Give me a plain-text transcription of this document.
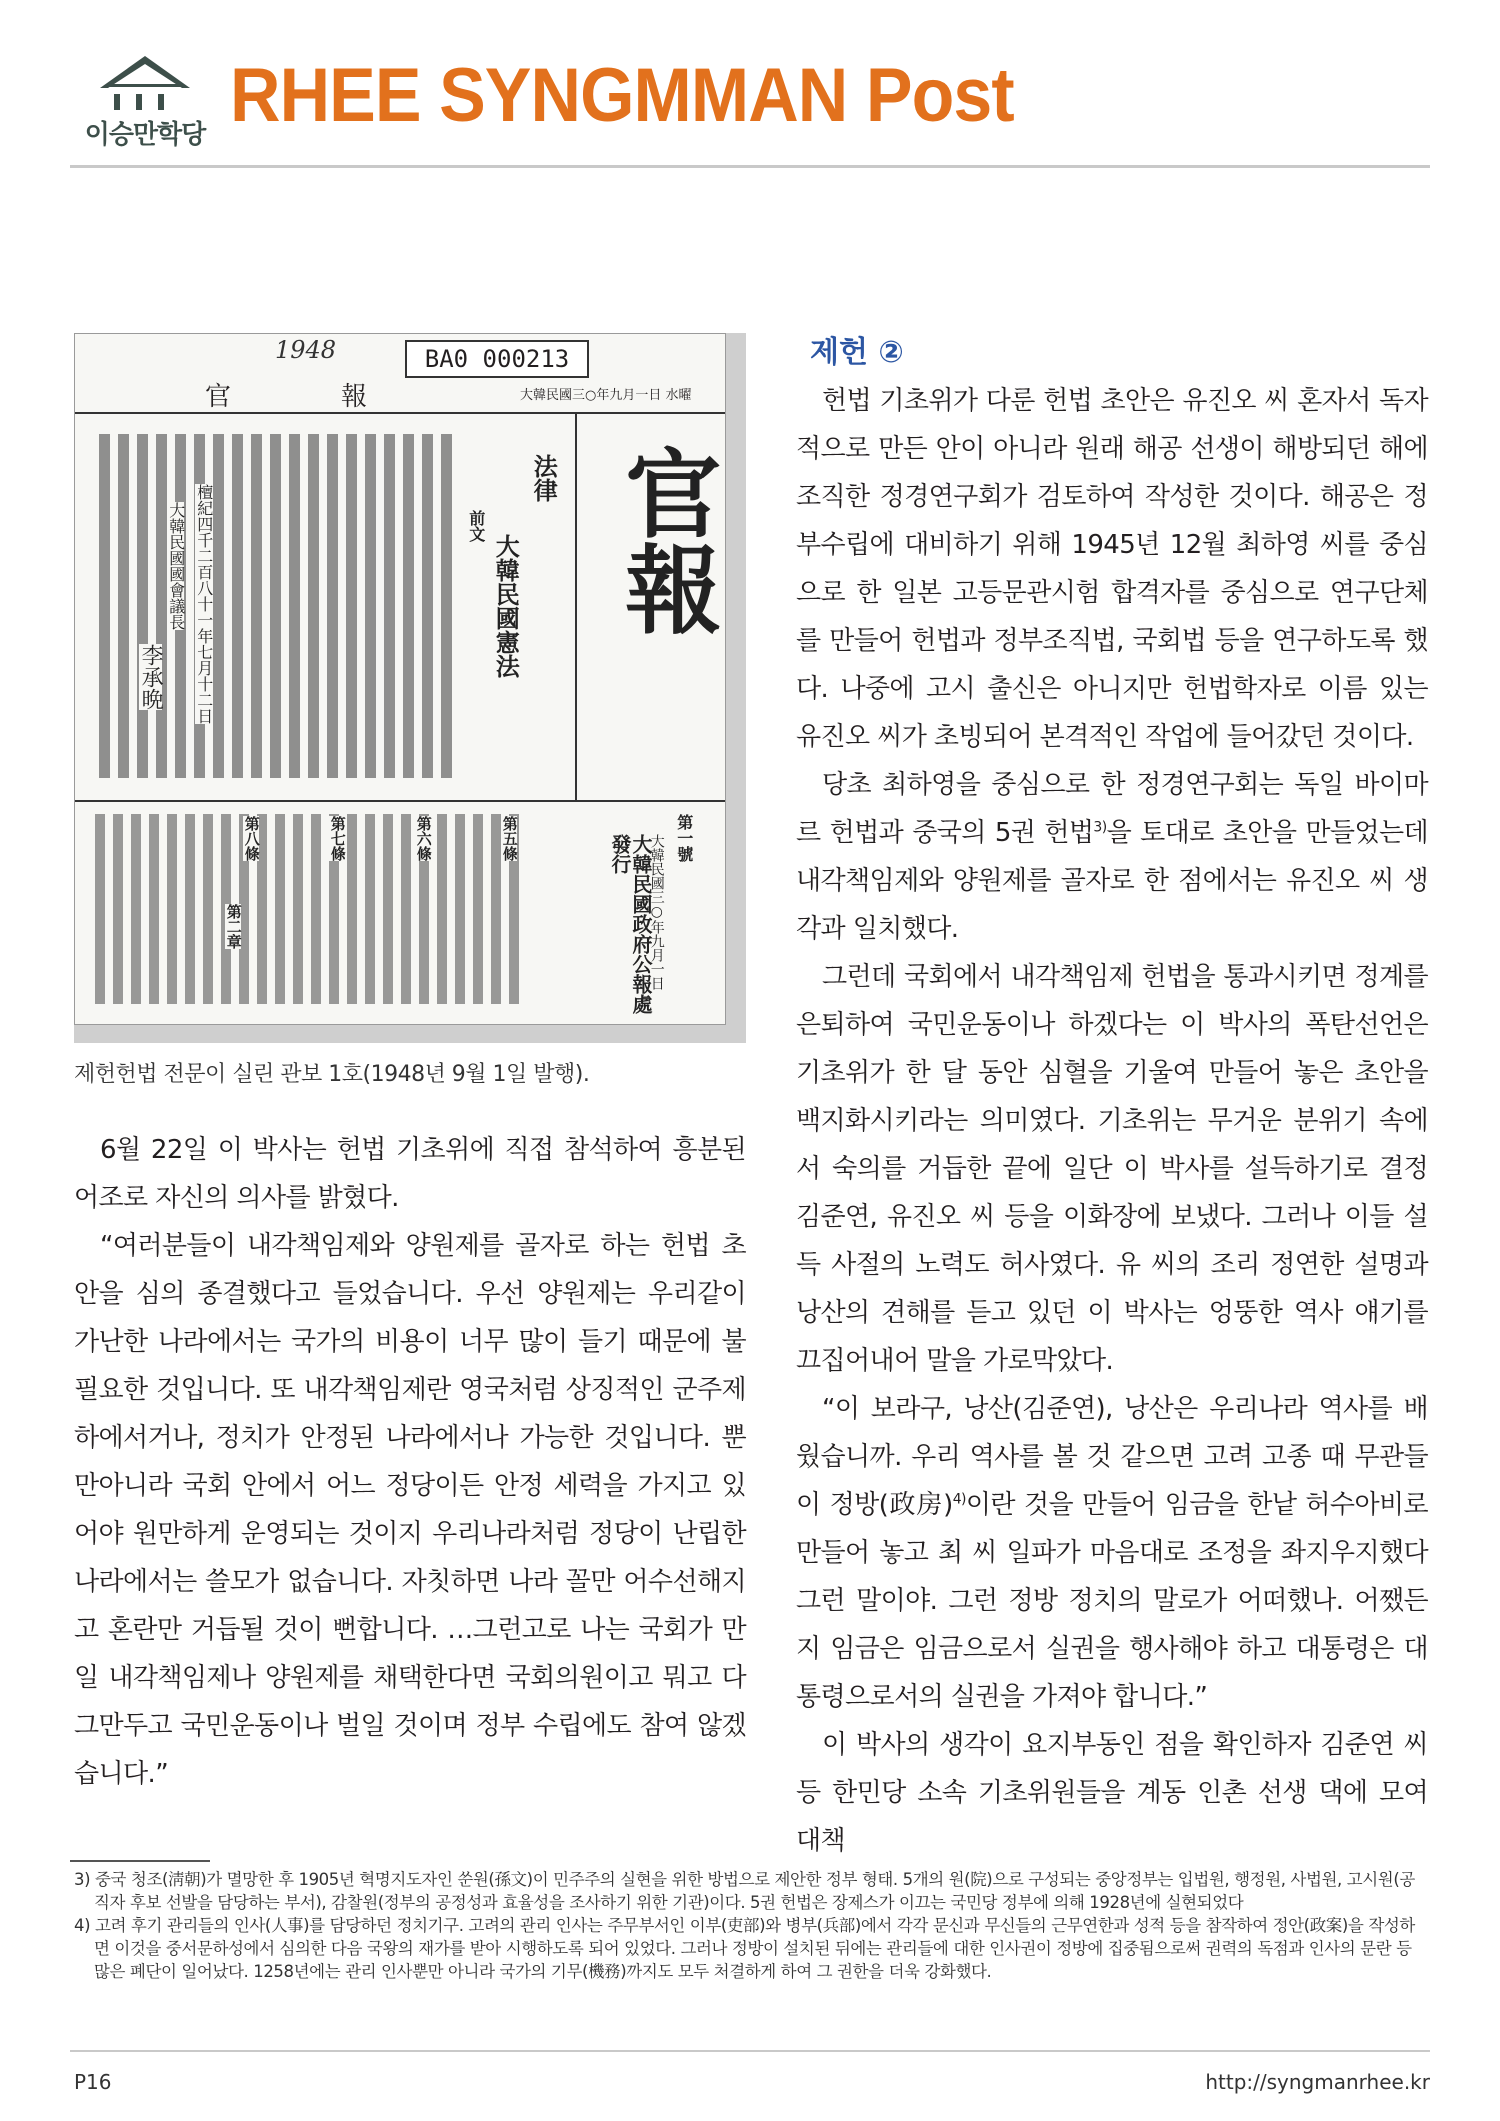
이승만학당 RHEE SYNGMMAN Post
BA0 000213
1948
官　　　報	大韓民國三○年九月一日 水曜
官報
法律
大韓民國憲法
前文
檀紀四千二百八十一年七月十二日
大韓民國國會議長
李承晩
第一號
大韓民國三○年九月一日
大韓民國政府公報處 發行
第五條
第六條
第七條
第八條
第二章
제헌헌법 전문이 실린 관보 1호(1948년 9월 1일 발행).

6월 22일 이 박사는 헌법 기초위에 직접 참석하여 흥분된 어조로 자신의 의사를 밝혔다.

“여러분들이 내각책임제와 양원제를 골자로 하는 헌법 초안을 심의 종결했다고 들었습니다. 우선 양원제는 우리같이 가난한 나라에서는 국가의 비용이 너무 많이 들기 때문에 불필요한 것입니다. 또 내각책임제란 영국처럼 상징적인 군주제 하에서거나, 정치가 안정된 나라에서나 가능한 것입니다. 뿐만아니라 국회 안에서 어느 정당이든 안정 세력을 가지고 있어야 원만하게 운영되는 것이지 우리나라처럼 정당이 난립한 나라에서는 쓸모가 없습니다. 자칫하면 나라 꼴만 어수선해지고 혼란만 거듭될 것이 뻔합니다. …그런고로 나는 국회가 만일 내각책임제나 양원제를 채택한다면 국회의원이고 뭐고 다 그만두고 국민운동이나 벌일 것이며 정부 수립에도 참여 않겠습니다.”

제헌 ②

헌법 기초위가 다룬 헌법 초안은 유진오 씨 혼자서 독자적으로 만든 안이 아니라 원래 해공 선생이 해방되던 해에 조직한 정경연구회가 검토하여 작성한 것이다. 해공은 정부수립에 대비하기 위해 1945년 12월 최하영 씨를 중심으로 한 일본 고등문관시험 합격자를 중심으로 연구단체를 만들어 헌법과 정부조직법, 국회법 등을 연구하도록 했다. 나중에 고시 출신은 아니지만 헌법학자로 이름 있는 유진오 씨가 초빙되어 본격적인 작업에 들어갔던 것이다.

당초 최하영을 중심으로 한 정경연구회는 독일 바이마르 헌법과 중국의 5권 헌법$^{3)}$을 토대로 초안을 만들었는데 내각책임제와 양원제를 골자로 한 점에서는 유진오 씨 생각과 일치했다.

그런데 국회에서 내각책임제 헌법을 통과시키면 정계를 은퇴하여 국민운동이나 하겠다는 이 박사의 폭탄선언은 기초위가 한 달 동안 심혈을 기울여 만들어 놓은 초안을 백지화시키라는 의미였다. 기초위는 무거운 분위기 속에서 숙의를 거듭한 끝에 일단 이 박사를 설득하기로 결정 김준연, 유진오 씨 등을 이화장에 보냈다. 그러나 이들 설득 사절의 노력도 허사였다. 유 씨의 조리 정연한 설명과 낭산의 견해를 듣고 있던 이 박사는 엉뚱한 역사 얘기를 끄집어내어 말을 가로막았다.

“이 보라구, 낭산(김준연), 낭산은 우리나라 역사를 배웠습니까. 우리 역사를 볼 것 같으면 고려 고종 때 무관들이 정방(政房)$^{4)}$이란 것을 만들어 임금을 한낱 허수아비로 만들어 놓고 최 씨 일파가 마음대로 조정을 좌지우지했다 그런 말이야. 그런 정방 정치의 말로가 어떠했나. 어쨌든지 임금은 임금으로서 실권을 행사해야 하고 대통령은 대통령으로서의 실권을 가져야 합니다.”

이 박사의 생각이 요지부동인 점을 확인하자 김준연 씨 등 한민당 소속 기초위원들을 계동 인촌 선생 댁에 모여 대책

3) 중국 청조(淸朝)가 멸망한 후 1905년 혁명지도자인 쑨원(孫文)이 민주주의 실현을 위한 방법으로 제안한 정부 형태. 5개의 원(院)으로 구성되는 중앙정부는 입법원, 행정원, 사법원, 고시원(공직자 후보 선발을 담당하는 부서), 감찰원(정부의 공정성과 효율성을 조사하기 위한 기관)이다. 5권 헌법은 장제스가 이끄는 국민당 정부에 의해 1928년에 실현되었다

4) 고려 후기 관리들의 인사(人事)를 담당하던 정치기구. 고려의 관리 인사는 주무부서인 이부(吏部)와 병부(兵部)에서 각각 문신과 무신들의 근무연한과 성적 등을 참작하여 정안(政案)을 작성하면 이것을 중서문하성에서 심의한 다음 국왕의 재가를 받아 시행하도록 되어 있었다. 그러나 정방이 설치된 뒤에는 관리들에 대한 인사권이 정방에 집중됨으로써 권력의 독점과 인사의 문란 등 많은 폐단이 일어났다. 1258년에는 관리 인사뿐만 아니라 국가의 기무(機務)까지도 모두 처결하게 하여 그 권한을 더욱 강화했다.

P16	http://syngmanrhee.kr
